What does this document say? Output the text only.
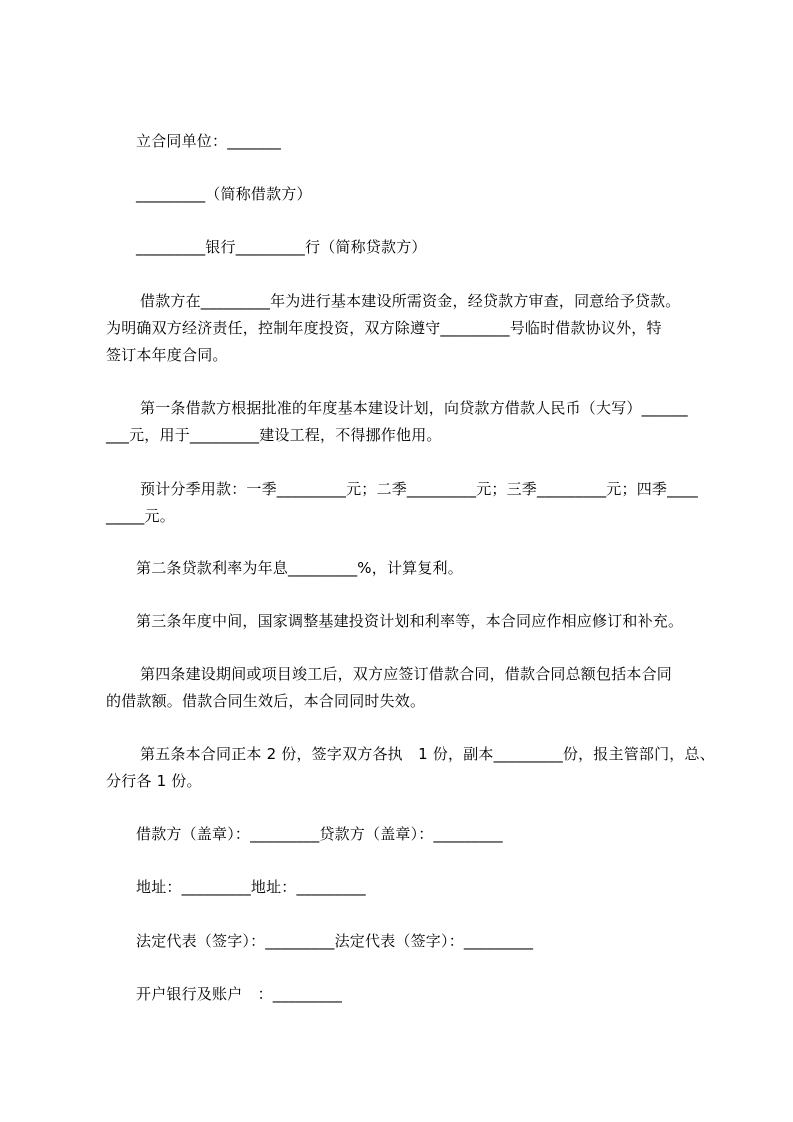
立合同单位：_______
_________（简称借款方）
_________银行_________行（简称贷款方）
借款方在_________年为进行基本建设所需资金，经贷款方审查，同意给予贷款。
为明确双方经济责任，控制年度投资，双方除遵守_________号临时借款协议外，特
签订本年度合同。
第一条借款方根据批准的年度基本建设计划，向贷款方借款人民币（大写）______
___元，用于_________建设工程，不得挪作他用。
预计分季用款：一季_________元；二季_________元；三季_________元；四季____
_____元。
第二条贷款利率为年息_________%，计算复利。
第三条年度中间，国家调整基建投资计划和利率等，本合同应作相应修订和补充。
第四条建设期间或项目竣工后，双方应签订借款合同，借款合同总额包括本合同
的借款额。借款合同生效后，本合同同时失效。
第五条本合同正本 2 份，签字双方各执　1 份，副本_________份，报主管部门，总、
分行各 1 份。
借款方（盖章）：_________贷款方（盖章）：_________
地址：_________地址：_________
法定代表（签字）：_________法定代表（签字）：_________
开户银行及账户　：_________
